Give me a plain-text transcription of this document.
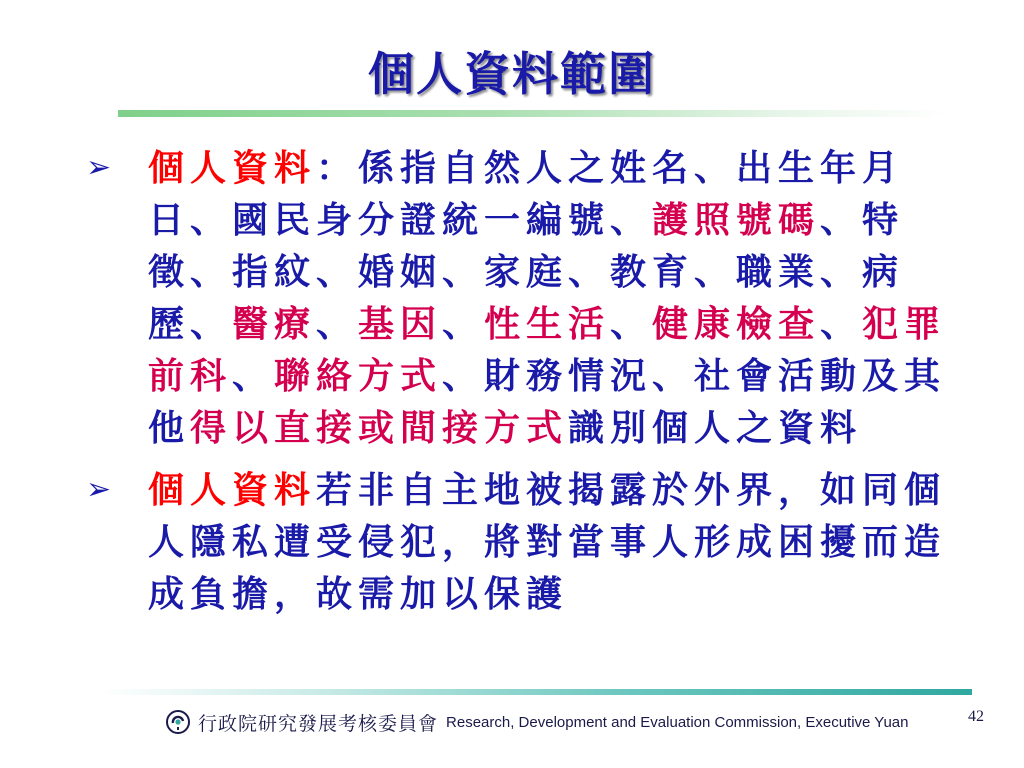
個人資料範圍
➢	個人資料：係指自然人之姓名、出生年月日、國民身分證統一編號、護照號碼、特徵、指紋、婚姻、家庭、教育、職業、病歷、醫療、基因、性生活、健康檢查、犯罪前科、聯絡方式、財務情況、社會活動及其他得以直接或間接方式識別個人之資料
➢	個人資料若非自主地被揭露於外界，如同個人隱私遭受侵犯，將對當事人形成困擾而造成負擔，故需加以保護
行政院研究發展考核委員會 Research, Development and Evaluation Commission, Executive Yuan	42
